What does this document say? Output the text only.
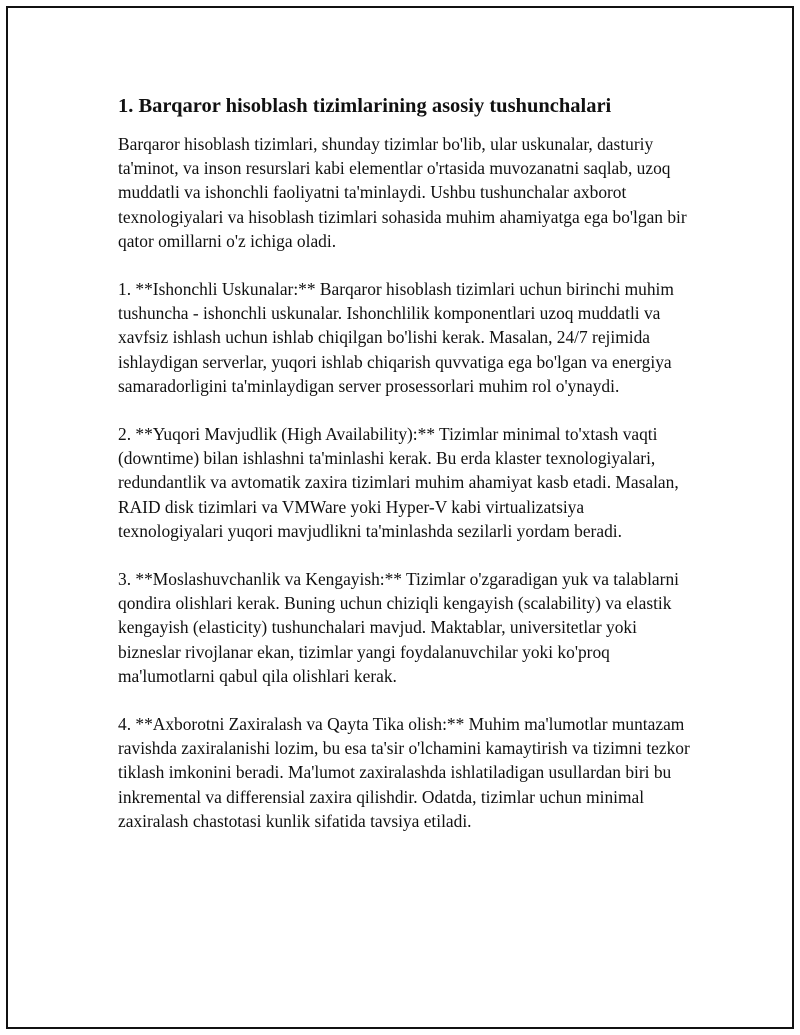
1. Barqaror hisoblash tizimlarining asosiy tushunchalari

Barqaror hisoblash tizimlari, shunday tizimlar bo'lib, ular uskunalar, dasturiy ta'minot, va inson resurslari kabi elementlar o'rtasida muvozanatni saqlab, uzoq muddatli va ishonchli faoliyatni ta'minlaydi. Ushbu tushunchalar axborot texnologiyalari va hisoblash tizimlari sohasida muhim ahamiyatga ega bo'lgan bir qator omillarni o'z ichiga oladi.

1. **Ishonchli Uskunalar:** Barqaror hisoblash tizimlari uchun birinchi muhim tushuncha - ishonchli uskunalar. Ishonchlilik komponentlari uzoq muddatli va xavfsiz ishlash uchun ishlab chiqilgan bo'lishi kerak. Masalan, 24/7 rejimida ishlaydigan serverlar, yuqori ishlab chiqarish quvvatiga ega bo'lgan va energiya samaradorligini ta'minlaydigan server prosessorlari muhim rol o'ynaydi.

2. **Yuqori Mavjudlik (High Availability):** Tizimlar minimal to'xtash vaqti (downtime) bilan ishlashni ta'minlashi kerak. Bu erda klaster texnologiyalari, redundantlik va avtomatik zaxira tizimlari muhim ahamiyat kasb etadi. Masalan, RAID disk tizimlari va VMWare yoki Hyper-V kabi virtualizatsiya texnologiyalari yuqori mavjudlikni ta'minlashda sezilarli yordam beradi.

3. **Moslashuvchanlik va Kengayish:** Tizimlar o'zgaradigan yuk va talablarni qondira olishlari kerak. Buning uchun chiziqli kengayish (scalability) va elastik kengayish (elasticity) tushunchalari mavjud. Maktablar, universitetlar yoki bizneslar rivojlanar ekan, tizimlar yangi foydalanuvchilar yoki ko'proq ma'lumotlarni qabul qila olishlari kerak.

4. **Axborotni Zaxiralash va Qayta Tika olish:** Muhim ma'lumotlar muntazam ravishda zaxiralanishi lozim, bu esa ta'sir o'lchamini kamaytirish va tizimni tezkor tiklash imkonini beradi. Ma'lumot zaxiralashda ishlatiladigan usullardan biri bu inkremental va differensial zaxira qilishdir. Odatda, tizimlar uchun minimal zaxiralash chastotasi kunlik sifatida tavsiya etiladi.
